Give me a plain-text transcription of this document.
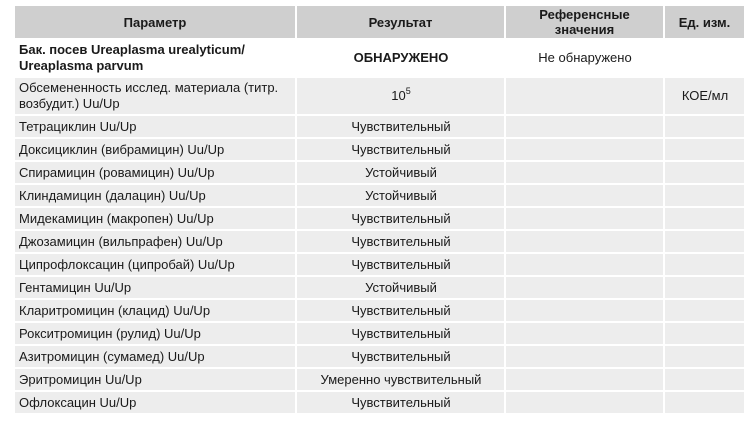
Параметр	Результат	Референсные значения	Ед. изм.
Бак. посев Ureaplasma urealyticum/ Ureaplasma parvum	ОБНАРУЖЕНО	Не обнаружено	
Обсемененность исслед. материала (титр. возбудит.) Uu/Up	$10^5$		КОЕ/мл
Тетрациклин Uu/Up	Чувствительный		
Доксициклин (вибрамицин) Uu/Up	Чувствительный		
Спирамицин (ровамицин) Uu/Up	Устойчивый		
Клиндамицин (далацин) Uu/Up	Устойчивый		
Мидекамицин (макропен) Uu/Up	Чувствительный		
Джозамицин (вильпрафен) Uu/Up	Чувствительный		
Ципрофлоксацин (ципробай) Uu/Up	Чувствительный		
Гентамицин Uu/Up	Устойчивый		
Кларитромицин (клацид) Uu/Up	Чувствительный		
Рокситромицин (рулид) Uu/Up	Чувствительный		
Азитромицин (сумамед) Uu/Up	Чувствительный		
Эритромицин Uu/Up	Умеренно чувствительный		
Офлоксацин Uu/Up	Чувствительный		
